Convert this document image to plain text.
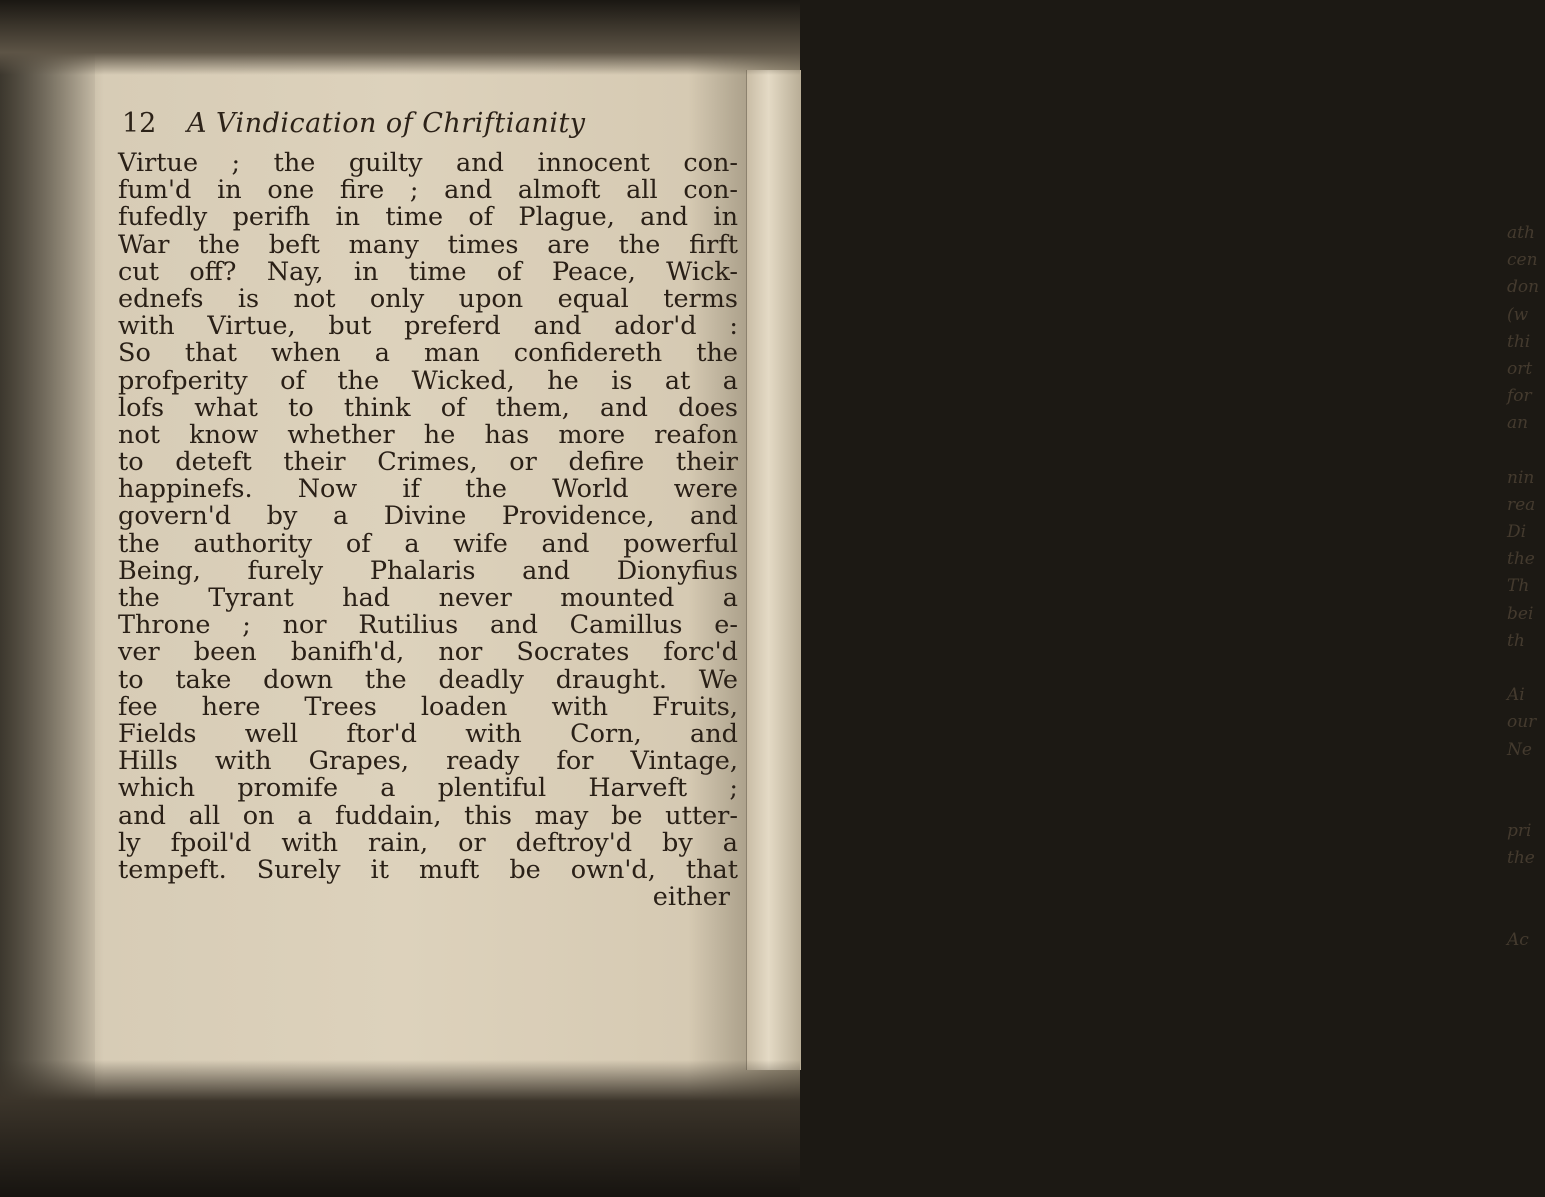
ath
cen
don
(w
thi
ort
for
an
nin
rea
Di
the
Th
bei
th
Ai
our
Ne
pri
the
Ac
12 A Vindication of Chriftianity
Virtue ; the guilty and innocent con-
fum'd in one fire ; and almoft all con-
fufedly perifh in time of Plague, and in
War the beft many times are the firft
cut off? Nay, in time of Peace, Wick-
ednefs is not only upon equal terms
with Virtue, but preferd and ador'd :
So that when a man confidereth the
profperity of the Wicked, he is at a
lofs what to think of them, and does
not know whether he has more reafon
to deteft their Crimes, or defire their
happinefs. Now if the World were
govern'd by a Divine Providence, and
the authority of a wife and powerful
Being, furely Phalaris and Dionyfius
the Tyrant had never mounted a
Throne ; nor Rutilius and Camillus e-
ver been banifh'd, nor Socrates forc'd
to take down the deadly draught. We
fee here Trees loaden with Fruits,
Fields well ftor'd with Corn, and
Hills with Grapes, ready for Vintage,
which promife a plentiful Harveft ;
and all on a fuddain, this may be utter-
ly fpoil'd with rain, or deftroy'd by a
tempeft. Surely it muft be own'd, that
either
